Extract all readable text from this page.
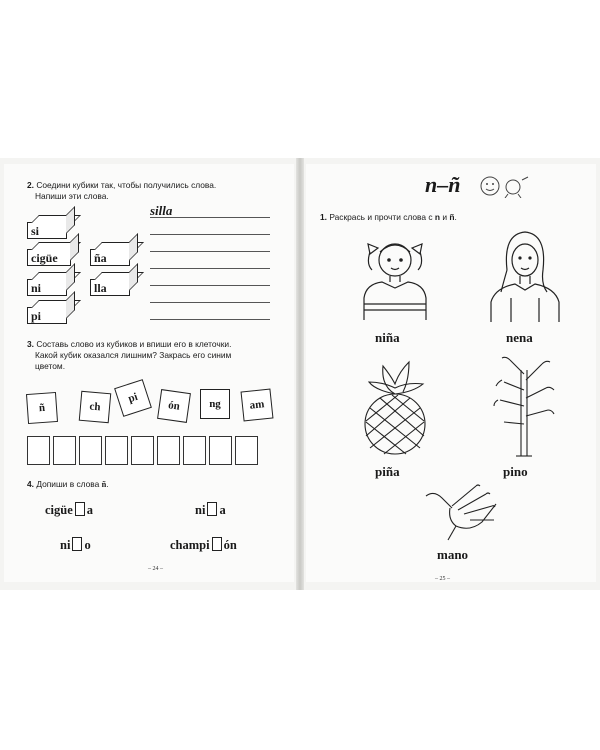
2. Соедини кубики так, чтобы получились слова.
Напиши эти слова.
si
cigüe	ña
ni	lla
pi
silla
3. Составь слово из кубиков и впиши его в клеточки.
Какой кубик оказался лишним? Закрась его синим
цветом.
ñ	ch
pi
ón	ng	am
4. Допиши в слова ñ.
cigüe a	ni a
ni o	champi ón
– 24 –
n–ñ
1. Раскрась и прочти слова с n и ñ.
niña	nena
piña	pino
mano
– 25 –
